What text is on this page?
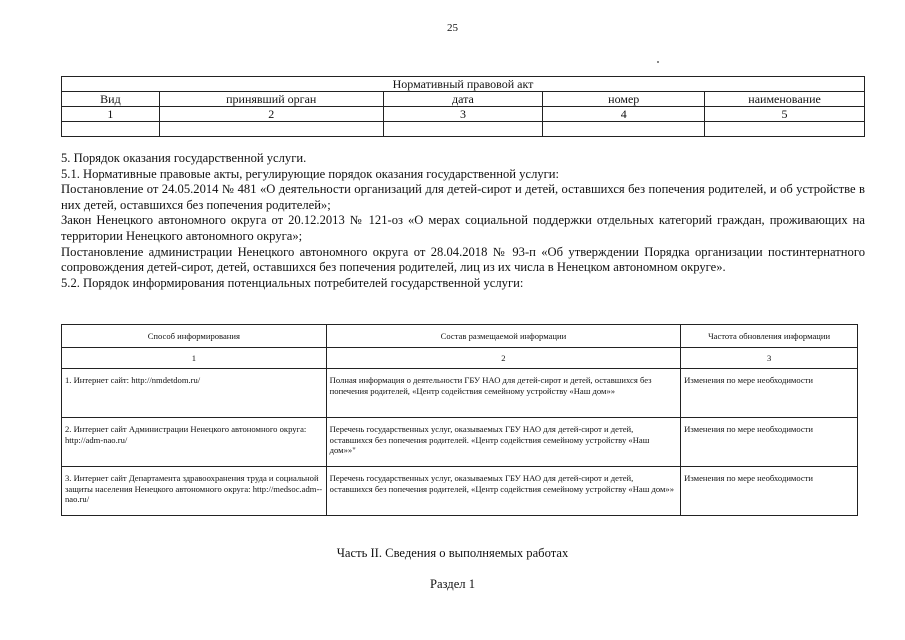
25
Нормативный правовой акт				
Вид	принявший орган	дата	номер	наименование
1	2	3	4	5

5. Порядок оказания государственной услуги.

5.1. Нормативные правовые акты, регулирующие порядок оказания государственной услуги:

Постановление от 24.05.2014 № 481 «О деятельности организаций для детей-сирот и детей, оставшихся без попечения родителей, и об устройстве в них детей, оставшихся без попечения родителей»;

Закон Ненецкого автономного округа от 20.12.2013 № 121-оз «О мерах социальной поддержки отдельных категорий граждан, проживающих на территории Ненецкого автономного округа»;

Постановление администрации Ненецкого автономного округа от 28.04.2018 № 93-п «Об утверждении Порядка организации постинтернатного сопровождения детей-сирот, детей, оставшихся без попечения родителей, лиц из их числа в Ненецком автономном округе».

5.2. Порядок информирования потенциальных потребителей государственной услуги:

Способ информирования	Состав размещаемой информации	Частота обновления информации
1	2	3
1. Интернет сайт: http://nmdetdom.ru/	Полная информация о деятельности ГБУ НАО для детей-сирот и детей, оставшихся без попечения родителей, «Центр содействия семейному устройству «Наш дом»»	Изменения по мере необходимости
2. Интернет сайт Администрации Ненецкого автономного округа: http://adm-nao.ru/	Перечень государственных услуг, оказываемых ГБУ НАО для детей-сирот и детей, оставшихся без попечения родителей. «Центр содействия семейному устройству «Наш дом»»"	Изменения по мере необходимости
3. Интернет сайт Департамента здравоохранения труда и социальной защиты населения Ненецкого автономного округа: http://medsoc.adm--nao.ru/	Перечень государственных услуг, оказываемых ГБУ НАО для детей-сирот и детей, оставшихся без попечения родителей, «Центр содействия семейному устройству «Наш дом»»	Изменения по мере необходимости
Часть II. Сведения о выполняемых работах
Раздел 1
